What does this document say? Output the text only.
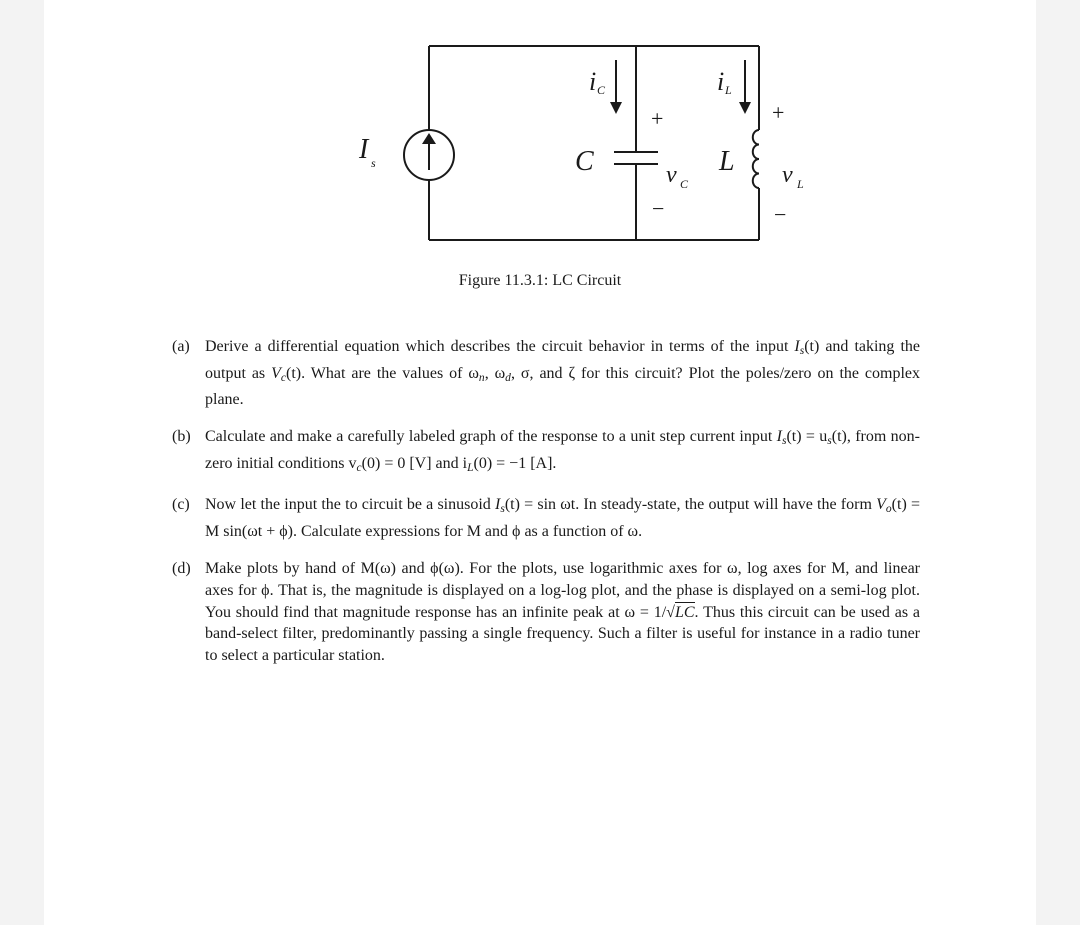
I s
i C	i L
C	L
v C	v L
+
−
+
−
Figure 11.3.1: LC Circuit
(a) Derive a differential equation which describes the circuit behavior in terms of the input $I_s(t)$ and taking the output as $V_c(t)$. What are the values of $\omega_n$, $\omega_d$, σ, and ζ for this circuit? Plot the poles/zero on the complex plane.
(b) Calculate and make a carefully labeled graph of the response to a unit step current input $I_s(t) = u_s(t)$, from non-zero initial conditions $v_c(0) = 0$ [V] and $i_L(0) = -1$ [A].
(c) Now let the input the to circuit be a sinusoid $I_s(t) = \sin \omega t$. In steady-state, the output will have the form $V_o(t) = M$ sin(ωt + ϕ). Calculate expressions for M and ϕ as a function of ω.
(d) Make plots by hand of M(ω) and ϕ(ω). For the plots, use logarithmic axes for ω, log axes for M, and linear axes for ϕ. That is, the magnitude is displayed on a log-log plot, and the phase is displayed on a semi-log plot. You should find that magnitude response has an infinite peak at ω = 1/√LC. Thus this circuit can be used as a band-select filter, predominantly passing a single frequency. Such a filter is useful for instance in a radio tuner to select a particular station.
